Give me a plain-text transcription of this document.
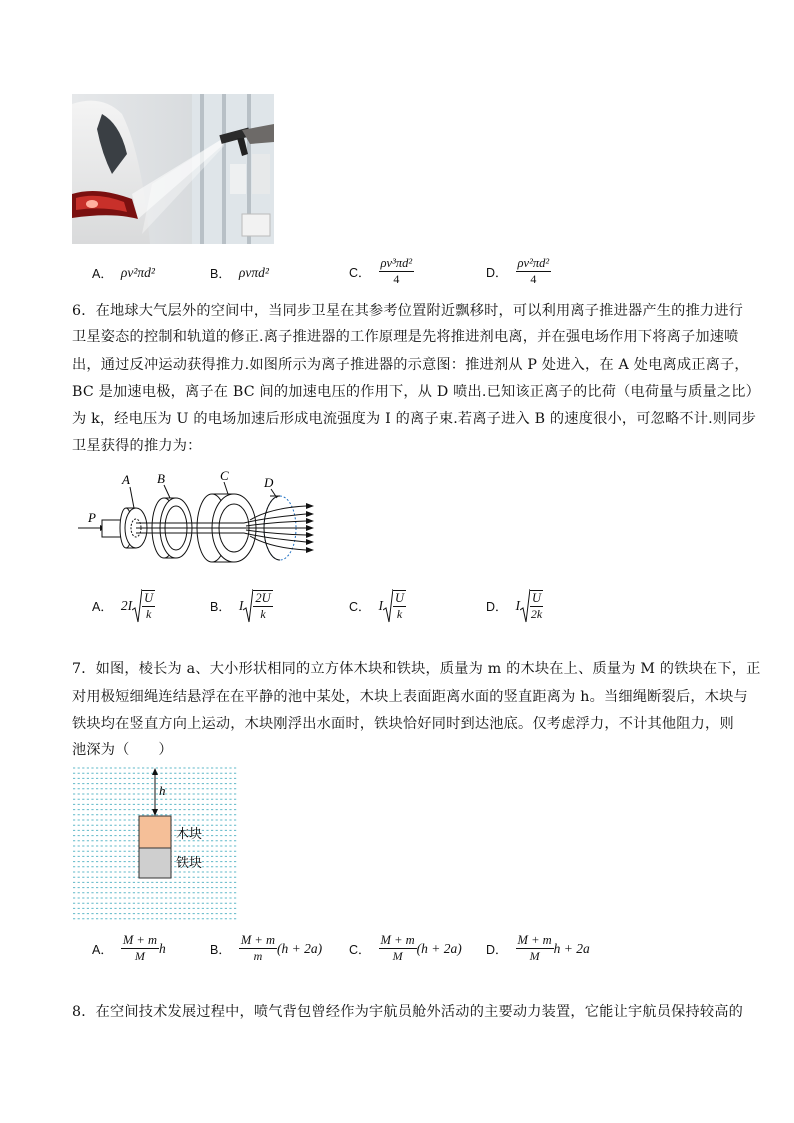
A． ρv²πd²	B． ρvπd²	C． $\frac{\text{ρv³πd²}}{4}$	D． $\frac{\text{ρv²πd²}}{4}$
6．在地球大气层外的空间中，当同步卫星在其参考位置附近飘移时，可以利用离子推进器产生的推力进行
卫星姿态的控制和轨道的修正.离子推进器的工作原理是先将推进剂电离，并在强电场作用下将离子加速喷
出，通过反冲运动获得推力.如图所示为离子推进器的示意图：推进剂从 P 处进入，在 A 处电离成正离子，
BC 是加速电极，离子在 BC 间的加速电压的作用下，从 D 喷出.已知该正离子的比荷（电荷量与质量之比）
为 k，经电压为 U 的电场加速后形成电流强度为 I 的离子束.若离子进入 B 的速度很小，可忽略不计.则同步
卫星获得的推力为：
P
A B	C	D
A． $2I \frac{U}{k}$	B． I $\frac{2U}{k}$	C． I $\frac{U}{k}$	D． I $\frac{U}{2k}$
7．如图，棱长为 a、大小形状相同的立方体木块和铁块，质量为 m 的木块在上、质量为 M 的铁块在下，正
对用极短细绳连结悬浮在在平静的池中某处，木块上表面距离水面的竖直距离为 h。当细绳断裂后，木块与
铁块均在竖直方向上运动，木块刚浮出水面时，铁块恰好同时到达池底。仅考虑浮力，不计其他阻力，则
池深为（　　）
h
木块
铁块
A． $\frac{M + m}{M}$ h	B． $\frac{M + m}{m} (h + 2a)$ C． $\frac{M + m}{M} (h + 2a)$ D． $\frac{M + m}{M}$ h + 2a
8．在空间技术发展过程中，喷气背包曾经作为宇航员舱外活动的主要动力装置，它能让宇航员保持较高的
